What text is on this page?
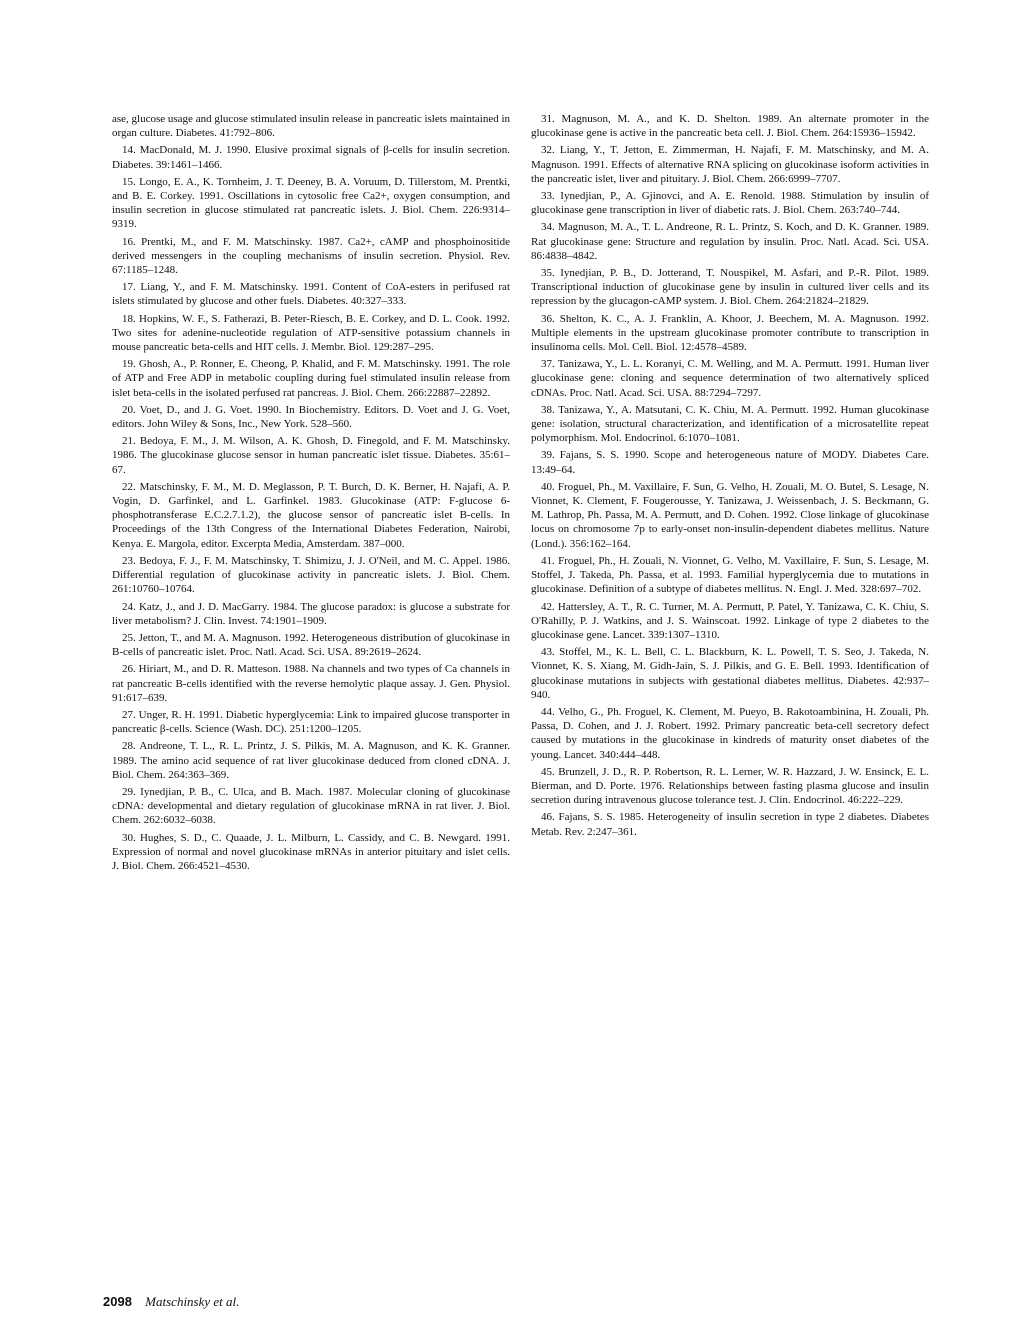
ase, glucose usage and glucose stimulated insulin release in pancreatic islets maintained in organ culture. Diabetes. 41:792–806.

14. MacDonald, M. J. 1990. Elusive proximal signals of β-cells for insulin secretion. Diabetes. 39:1461–1466.

15. Longo, E. A., K. Tornheim, J. T. Deeney, B. A. Voruum, D. Tillerstom, M. Prentki, and B. E. Corkey. 1991. Oscillations in cytosolic free Ca2+, oxygen consumption, and insulin secretion in glucose stimulated rat pancreatic islets. J. Biol. Chem. 226:9314–9319.

16. Prentki, M., and F. M. Matschinsky. 1987. Ca2+, cAMP and phosphoinositide derived messengers in the coupling mechanisms of insulin secretion. Physiol. Rev. 67:1185–1248.

17. Liang, Y., and F. M. Matschinsky. 1991. Content of CoA-esters in perifused rat islets stimulated by glucose and other fuels. Diabetes. 40:327–333.

18. Hopkins, W. F., S. Fatherazi, B. Peter-Riesch, B. E. Corkey, and D. L. Cook. 1992. Two sites for adenine-nucleotide regulation of ATP-sensitive potassium channels in mouse pancreatic beta-cells and HIT cells. J. Membr. Biol. 129:287–295.

19. Ghosh, A., P. Ronner, E. Cheong, P. Khalid, and F. M. Matschinsky. 1991. The role of ATP and Free ADP in metabolic coupling during fuel stimulated insulin release from islet beta-cells in the isolated perfused rat pancreas. J. Biol. Chem. 266:22887–22892.

20. Voet, D., and J. G. Voet. 1990. In Biochemistry. Editors. D. Voet and J. G. Voet, editors. John Wiley & Sons, Inc., New York. 528–560.

21. Bedoya, F. M., J. M. Wilson, A. K. Ghosh, D. Finegold, and F. M. Matschinsky. 1986. The glucokinase glucose sensor in human pancreatic islet tissue. Diabetes. 35:61–67.

22. Matschinsky, F. M., M. D. Meglasson, P. T. Burch, D. K. Berner, H. Najafi, A. P. Vogin, D. Garfinkel, and L. Garfinkel. 1983. Glucokinase (ATP: F-glucose 6-phosphotransferase E.C.2.7.1.2), the glucose sensor of pancreatic islet B-cells. In Proceedings of the 13th Congress of the International Diabetes Federation, Nairobi, Kenya. E. Margola, editor. Excerpta Media, Amsterdam. 387–000.

23. Bedoya, F. J., F. M. Matschinsky, T. Shimizu, J. J. O'Neil, and M. C. Appel. 1986. Differential regulation of glucokinase activity in pancreatic islets. J. Biol. Chem. 261:10760–10764.

24. Katz, J., and J. D. MacGarry. 1984. The glucose paradox: is glucose a substrate for liver metabolism? J. Clin. Invest. 74:1901–1909.

25. Jetton, T., and M. A. Magnuson. 1992. Heterogeneous distribution of glucokinase in B-cells of pancreatic islet. Proc. Natl. Acad. Sci. USA. 89:2619–2624.

26. Hiriart, M., and D. R. Matteson. 1988. Na channels and two types of Ca channels in rat pancreatic B-cells identified with the reverse hemolytic plaque assay. J. Gen. Physiol. 91:617–639.

27. Unger, R. H. 1991. Diabetic hyperglycemia: Link to impaired glucose transporter in pancreatic β-cells. Science (Wash. DC). 251:1200–1205.

28. Andreone, T. L., R. L. Printz, J. S. Pilkis, M. A. Magnuson, and K. K. Granner. 1989. The amino acid sequence of rat liver glucokinase deduced from cloned cDNA. J. Biol. Chem. 264:363–369.

29. Iynedjian, P. B., C. Ulca, and B. Mach. 1987. Molecular cloning of glucokinase cDNA: developmental and dietary regulation of glucokinase mRNA in rat liver. J. Biol. Chem. 262:6032–6038.

30. Hughes, S. D., C. Quaade, J. L. Milburn, L. Cassidy, and C. B. Newgard. 1991. Expression of normal and novel glucokinase mRNAs in anterior pituitary and islet cells. J. Biol. Chem. 266:4521–4530.

31. Magnuson, M. A., and K. D. Shelton. 1989. An alternate promoter in the glucokinase gene is active in the pancreatic beta cell. J. Biol. Chem. 264:15936–15942.

32. Liang, Y., T. Jetton, E. Zimmerman, H. Najafi, F. M. Matschinsky, and M. A. Magnuson. 1991. Effects of alternative RNA splicing on glucokinase isoform activities in the pancreatic islet, liver and pituitary. J. Biol. Chem. 266:6999–7707.

33. Iynedjian, P., A. Gjinovci, and A. E. Renold. 1988. Stimulation by insulin of glucokinase gene transcription in liver of diabetic rats. J. Biol. Chem. 263:740–744.

34. Magnuson, M. A., T. L. Andreone, R. L. Printz, S. Koch, and D. K. Granner. 1989. Rat glucokinase gene: Structure and regulation by insulin. Proc. Natl. Acad. Sci. USA. 86:4838–4842.

35. Iynedjian, P. B., D. Jotterand, T. Nouspikel, M. Asfari, and P.-R. Pilot. 1989. Transcriptional induction of glucokinase gene by insulin in cultured liver cells and its repression by the glucagon-cAMP system. J. Biol. Chem. 264:21824–21829.

36. Shelton, K. C., A. J. Franklin, A. Khoor, J. Beechem, M. A. Magnuson. 1992. Multiple elements in the upstream glucokinase promoter contribute to transcription in insulinoma cells. Mol. Cell. Biol. 12:4578–4589.

37. Tanizawa, Y., L. L. Koranyi, C. M. Welling, and M. A. Permutt. 1991. Human liver glucokinase gene: cloning and sequence determination of two alternatively spliced cDNAs. Proc. Natl. Acad. Sci. USA. 88:7294–7297.

38. Tanizawa, Y., A. Matsutani, C. K. Chiu, M. A. Permutt. 1992. Human glucokinase gene: isolation, structural characterization, and identification of a microsatellite repeat polymorphism. Mol. Endocrinol. 6:1070–1081.

39. Fajans, S. S. 1990. Scope and heterogeneous nature of MODY. Diabetes Care. 13:49–64.

40. Froguel, Ph., M. Vaxillaire, F. Sun, G. Velho, H. Zouali, M. O. Butel, S. Lesage, N. Vionnet, K. Clement, F. Fougerousse, Y. Tanizawa, J. Weissenbach, J. S. Beckmann, G. M. Lathrop, Ph. Passa, M. A. Permutt, and D. Cohen. 1992. Close linkage of glucokinase locus on chromosome 7p to early-onset non-insulin-dependent diabetes mellitus. Nature (Lond.). 356:162–164.

41. Froguel, Ph., H. Zouali, N. Vionnet, G. Velho, M. Vaxillaire, F. Sun, S. Lesage, M. Stoffel, J. Takeda, Ph. Passa, et al. 1993. Familial hyperglycemia due to mutations in glucokinase. Definition of a subtype of diabetes mellitus. N. Engl. J. Med. 328:697–702.

42. Hattersley, A. T., R. C. Turner, M. A. Permutt, P. Patel, Y. Tanizawa, C. K. Chiu, S. O'Rahilly, P. J. Watkins, and J. S. Wainscoat. 1992. Linkage of type 2 diabetes to the glucokinase gene. Lancet. 339:1307–1310.

43. Stoffel, M., K. L. Bell, C. L. Blackburn, K. L. Powell, T. S. Seo, J. Takeda, N. Vionnet, K. S. Xiang, M. Gidh-Jain, S. J. Pilkis, and G. E. Bell. 1993. Identification of glucokinase mutations in subjects with gestational diabetes mellitus. Diabetes. 42:937–940.

44. Velho, G., Ph. Froguel, K. Clement, M. Pueyo, B. Rakotoambinina, H. Zouali, Ph. Passa, D. Cohen, and J. J. Robert. 1992. Primary pancreatic beta-cell secretory defect caused by mutations in the glucokinase in kindreds of maturity onset diabetes of the young. Lancet. 340:444–448.

45. Brunzell, J. D., R. P. Robertson, R. L. Lerner, W. R. Hazzard, J. W. Ensinck, E. L. Bierman, and D. Porte. 1976. Relationships between fasting plasma glucose and insulin secretion during intravenous glucose tolerance test. J. Clin. Endocrinol. 46:222–229.

46. Fajans, S. S. 1985. Heterogeneity of insulin secretion in type 2 diabetes. Diabetes Metab. Rev. 2:247–361.

2098 Matschinsky et al.
